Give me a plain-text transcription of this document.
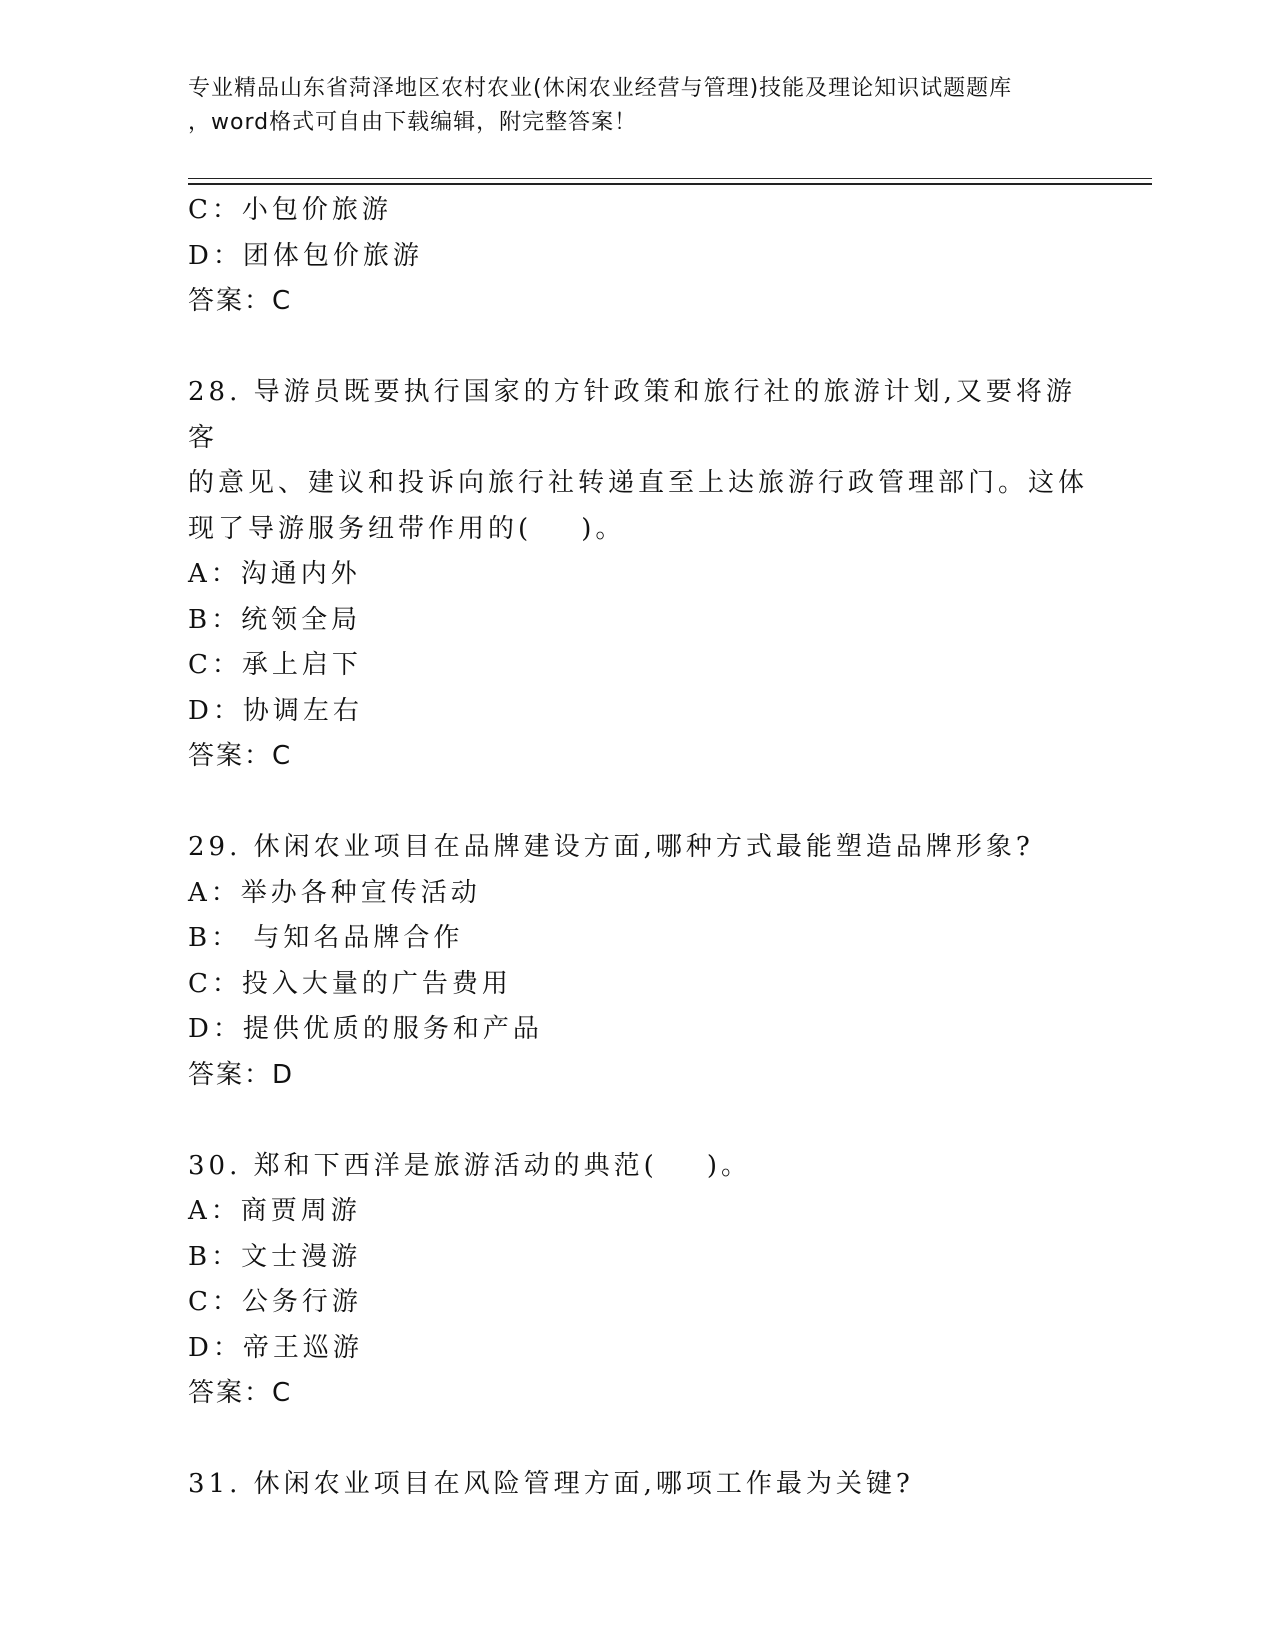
专业精品山东省菏泽地区农村农业(休闲农业经营与管理)技能及理论知识试题题库
，word格式可自由下载编辑，附完整答案！
C：小包价旅游
D：团体包价旅游
答案：C
28. 导游员既要执行国家的方针政策和旅行社的旅游计划,又要将游客
的意见、建议和投诉向旅行社转递直至上达旅游行政管理部门。这体
现了导游服务纽带作用的(    )。
A：沟通内外
B：统领全局
C：承上启下
D：协调左右
答案：C
29. 休闲农业项目在品牌建设方面,哪种方式最能塑造品牌形象?
A：举办各种宣传活动
B： 与知名品牌合作
C：投入大量的广告费用
D：提供优质的服务和产品
答案：D
30. 郑和下西洋是旅游活动的典范(    )。
A：商贾周游
B：文士漫游
C：公务行游
D：帝王巡游
答案：C
31. 休闲农业项目在风险管理方面,哪项工作最为关键?
